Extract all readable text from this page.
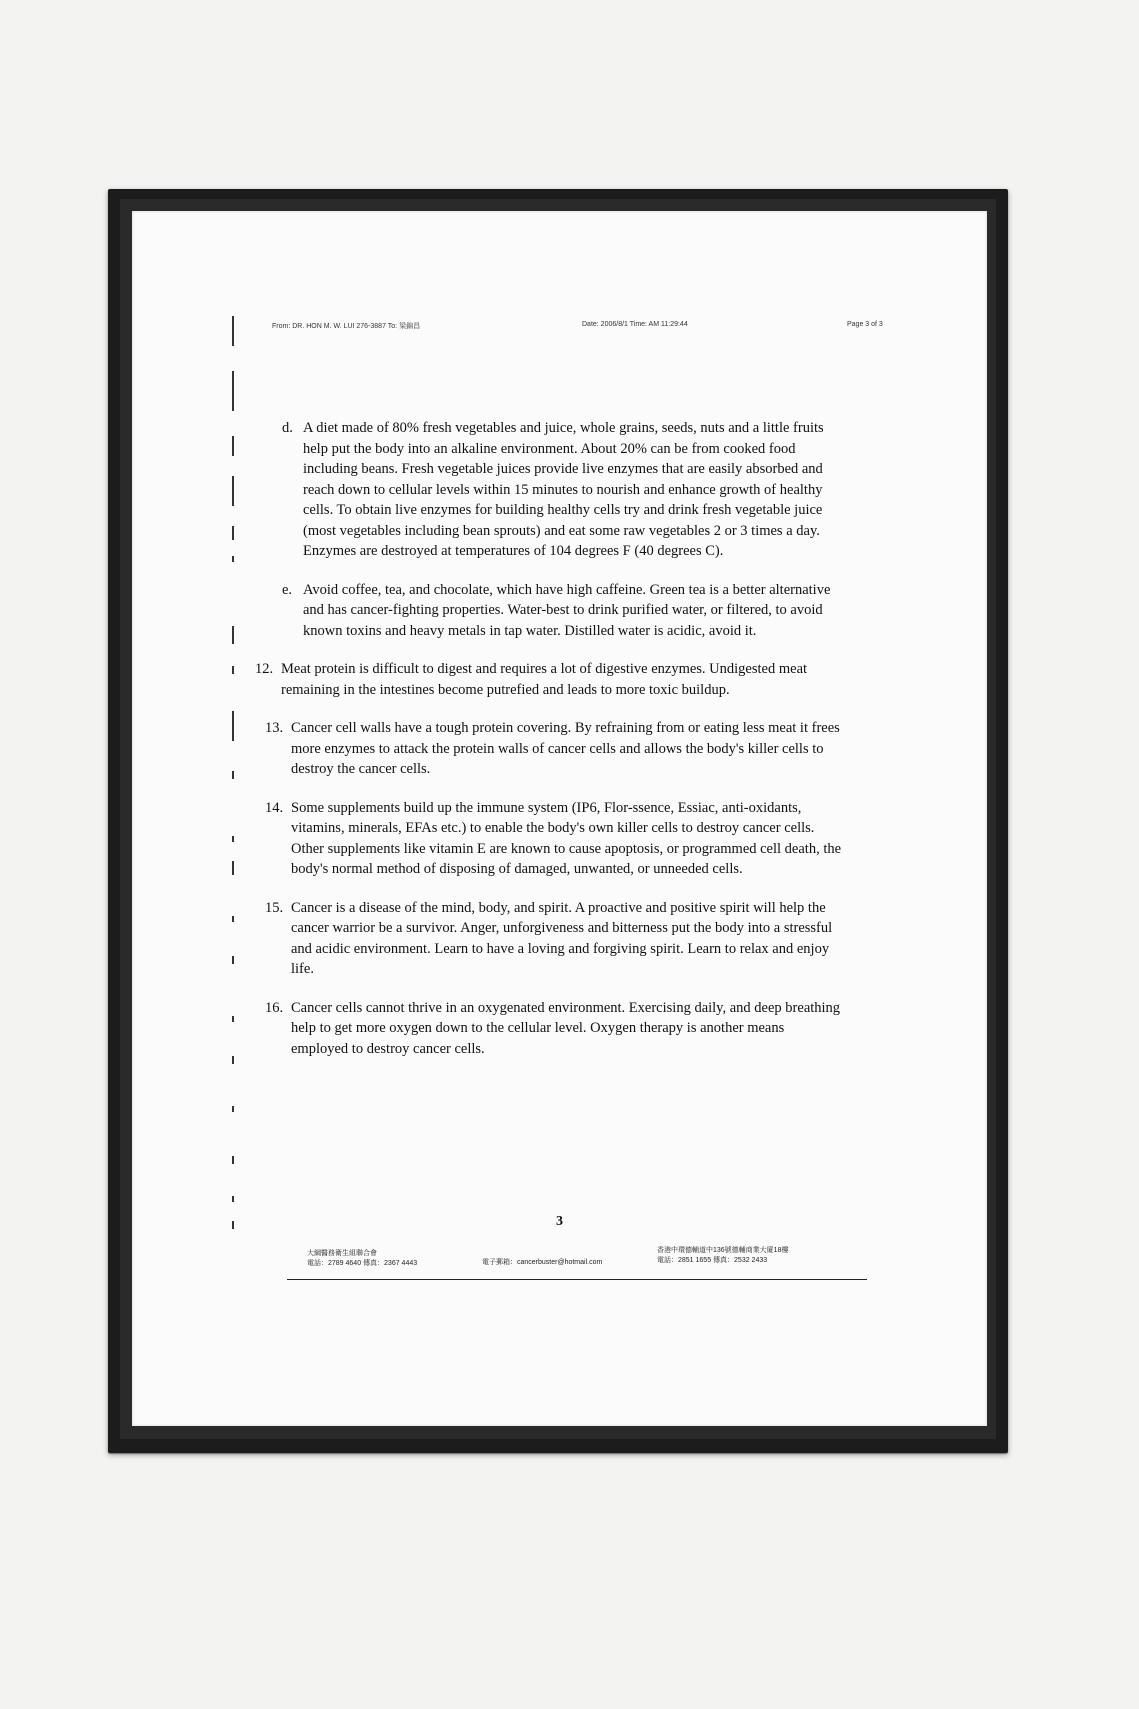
From: DR. HON M. W. LUI 276-3887 To: 梁錦昌	Date: 2006/8/1 Time: AM 11:29:44	Page 3 of 3
d. A diet made of 80% fresh vegetables and juice, whole grains, seeds, nuts and a little fruits help put the body into an alkaline environment. About 20% can be from cooked food including beans. Fresh vegetable juices provide live enzymes that are easily absorbed and reach down to cellular levels within 15 minutes to nourish and enhance growth of healthy cells. To obtain live enzymes for building healthy cells try and drink fresh vegetable juice (most vegetables including bean sprouts) and eat some raw vegetables 2 or 3 times a day. Enzymes are destroyed at temperatures of 104 degrees F (40 degrees C).
e. Avoid coffee, tea, and chocolate, which have high caffeine. Green tea is a better alternative and has cancer-fighting properties. Water-best to drink purified water, or filtered, to avoid known toxins and heavy metals in tap water. Distilled water is acidic, avoid it.
12. Meat protein is difficult to digest and requires a lot of digestive enzymes. Undigested meat remaining in the intestines become putrefied and leads to more toxic buildup.
13. Cancer cell walls have a tough protein covering. By refraining from or eating less meat it frees more enzymes to attack the protein walls of cancer cells and allows the body's killer cells to destroy the cancer cells.
14. Some supplements build up the immune system (IP6, Flor-ssence, Essiac, anti-oxidants, vitamins, minerals, EFAs etc.) to enable the body's own killer cells to destroy cancer cells. Other supplements like vitamin E are known to cause apoptosis, or programmed cell death, the body's normal method of disposing of damaged, unwanted, or unneeded cells.
15. Cancer is a disease of the mind, body, and spirit. A proactive and positive spirit will help the cancer warrior be a survivor. Anger, unforgiveness and bitterness put the body into a stressful and acidic environment. Learn to have a loving and forgiving spirit. Learn to relax and enjoy life.
16. Cancer cells cannot thrive in an oxygenated environment. Exercising daily, and deep breathing help to get more oxygen down to the cellular level. Oxygen therapy is another means employed to destroy cancer cells.
3
大綱醫務衛生組聯合會
電話：2789 4640 傳真：2367 4443	電子郵箱：cancerbuster@hotmail.com
香港中環德輔道中136號德輔商業大廈18樓
電話：2851 1655 傳真：2532 2433
